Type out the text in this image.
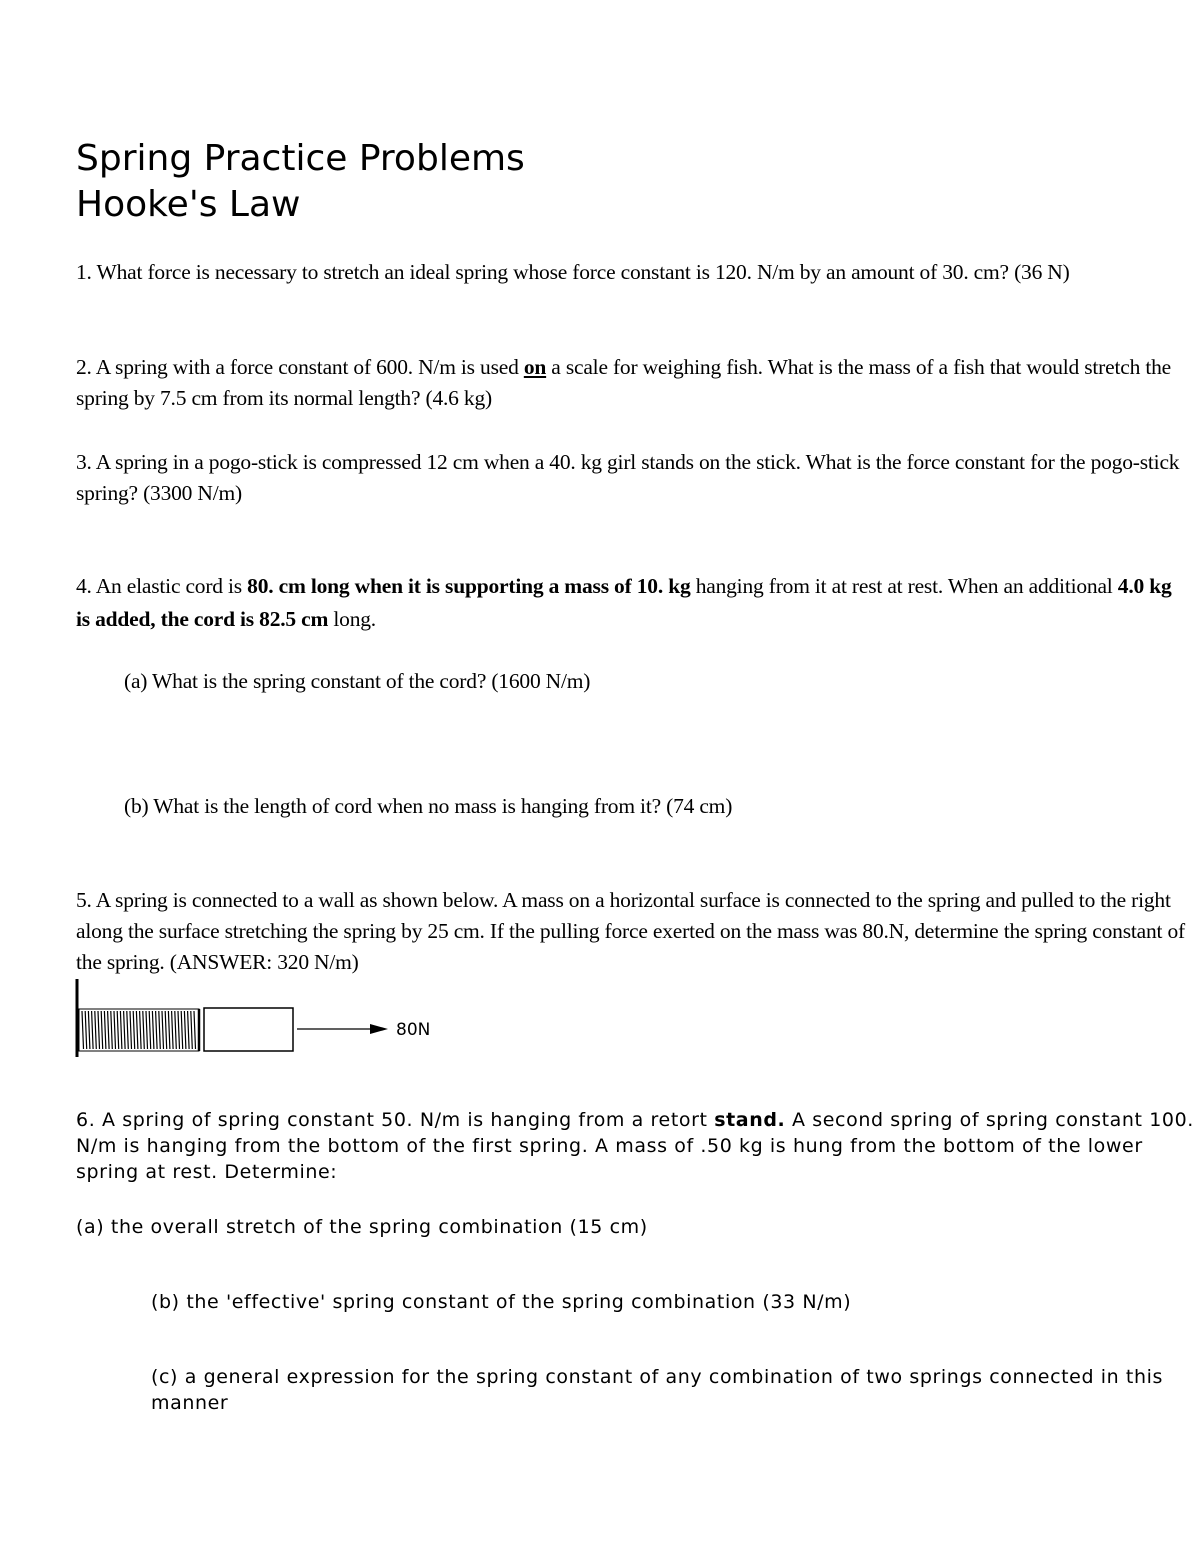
Spring Practice Problems
Hooke's Law

1. What force is necessary to stretch an ideal spring whose force constant is 120. N/m by an amount of 30. cm? (36 N)

2. A spring with a force constant of 600. N/m is used on a scale for weighing fish. What is the mass of a fish that would stretch the spring by 7.5 cm from its normal length? (4.6 kg)

3. A spring in a pogo-stick is compressed 12 cm when a 40. kg girl stands on the stick. What is the force constant for the pogo-stick spring? (3300 N/m)

4. An elastic cord is 80. cm long when it is supporting a mass of 10. kg hanging from it at rest at rest. When an additional 4.0 kg is added, the cord is 82.5 cm long.

(a) What is the spring constant of the cord? (1600 N/m)

(b) What is the length of cord when no mass is hanging from it? (74 cm)

5. A spring is connected to a wall as shown below. A mass on a horizontal surface is connected to the spring and pulled to the right along the surface stretching the spring by 25 cm. If the pulling force exerted on the mass was 80.N, determine the spring constant of the spring. (ANSWER: 320 N/m)

80N

6. A spring of spring constant 50. N/m is hanging from a retort stand. A second spring of spring constant 100. N/m is hanging from the bottom of the first spring. A mass of .50 kg is hung from the bottom of the lower spring at rest. Determine:

(a) the overall stretch of the spring combination (15 cm)

(b) the 'effective' spring constant of the spring combination (33 N/m)

(c) a general expression for the spring constant of any combination of two springs connected in this manner
